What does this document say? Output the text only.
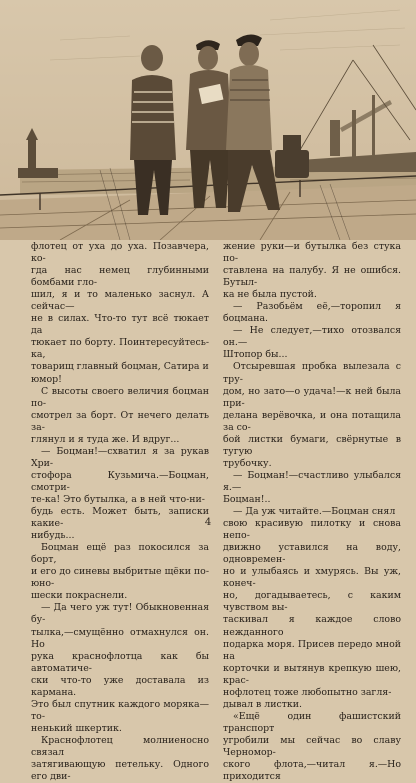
флотец от уха до уха. Позавчера, ко-

гда нас немец глубинными бомбами гло-

шил, я и то маленько заснул. А сейчас—

не в силах. Что-то тут всё тюкает да

тюкает по борту. Поинтересуйтесь-ка,

товарищ главный боцман, Сатира и

юмор!

С высоты своего величия боцман по-

смотрел за борт. От нечего делать за-

глянул и я туда же. И вдруг...

— Боцман!—схватил я за рукав Хри-

стофора Кузьмича.—Боцман, смотри-

те-ка! Это бутылка, а в ней что-ни-

будь есть. Может быть, записки какие-

нибудь...

Боцман ещё раз покосился за борт,

и его до синевы выбритые щёки по-юно-

шески покраснели.

— Да чего уж тут! Обыкновенная бу-

тылка,—смущённо отмахнулся он. Но

рука краснофлотца как бы автоматиче-

ски что-то уже доставала из кармана.

Это был спутник каждого моряка—то-

ненький шкертик.

Краснофлотец молниеносно связал

затягивающую петельку. Одного его дви-

жение руки—и бутылка без стука по-

ставлена на палубу. Я не ошибся. Бутыл-

ка не была пустой.

— Разобьём её,—торопил я боцмана.

— Не следует,—тихо отозвался он.—

Штопор бы...

Отсыревшая пробка вылезала с тру-

дом, но зато—о удача!—к ней была при-

делана верёвочка, и она потащила за со-

бой листки бумаги, свёрнутые в тугую

трубочку.

— Боцман!—счастливо улыбался я.—

Боцман!..

— Да уж читайте.—Боцман снял

свою красивую пилотку и снова непо-

движно уставился на воду, одновремен-

но и улыбаясь и хмурясь. Вы уж, конеч-

но, догадываетесь, с каким чувством вы-

таскивал я каждое слово нежданного

подарка моря. Присев передо мной на

корточки и вытянув крепкую шею, крас-

нофлотец тоже любопытно загля-

дывал в листки.

«Ещё один фашистский транспорт

угробили мы сейчас во славу Черномор-

ского флота,—читал я.—Но приходится

4
